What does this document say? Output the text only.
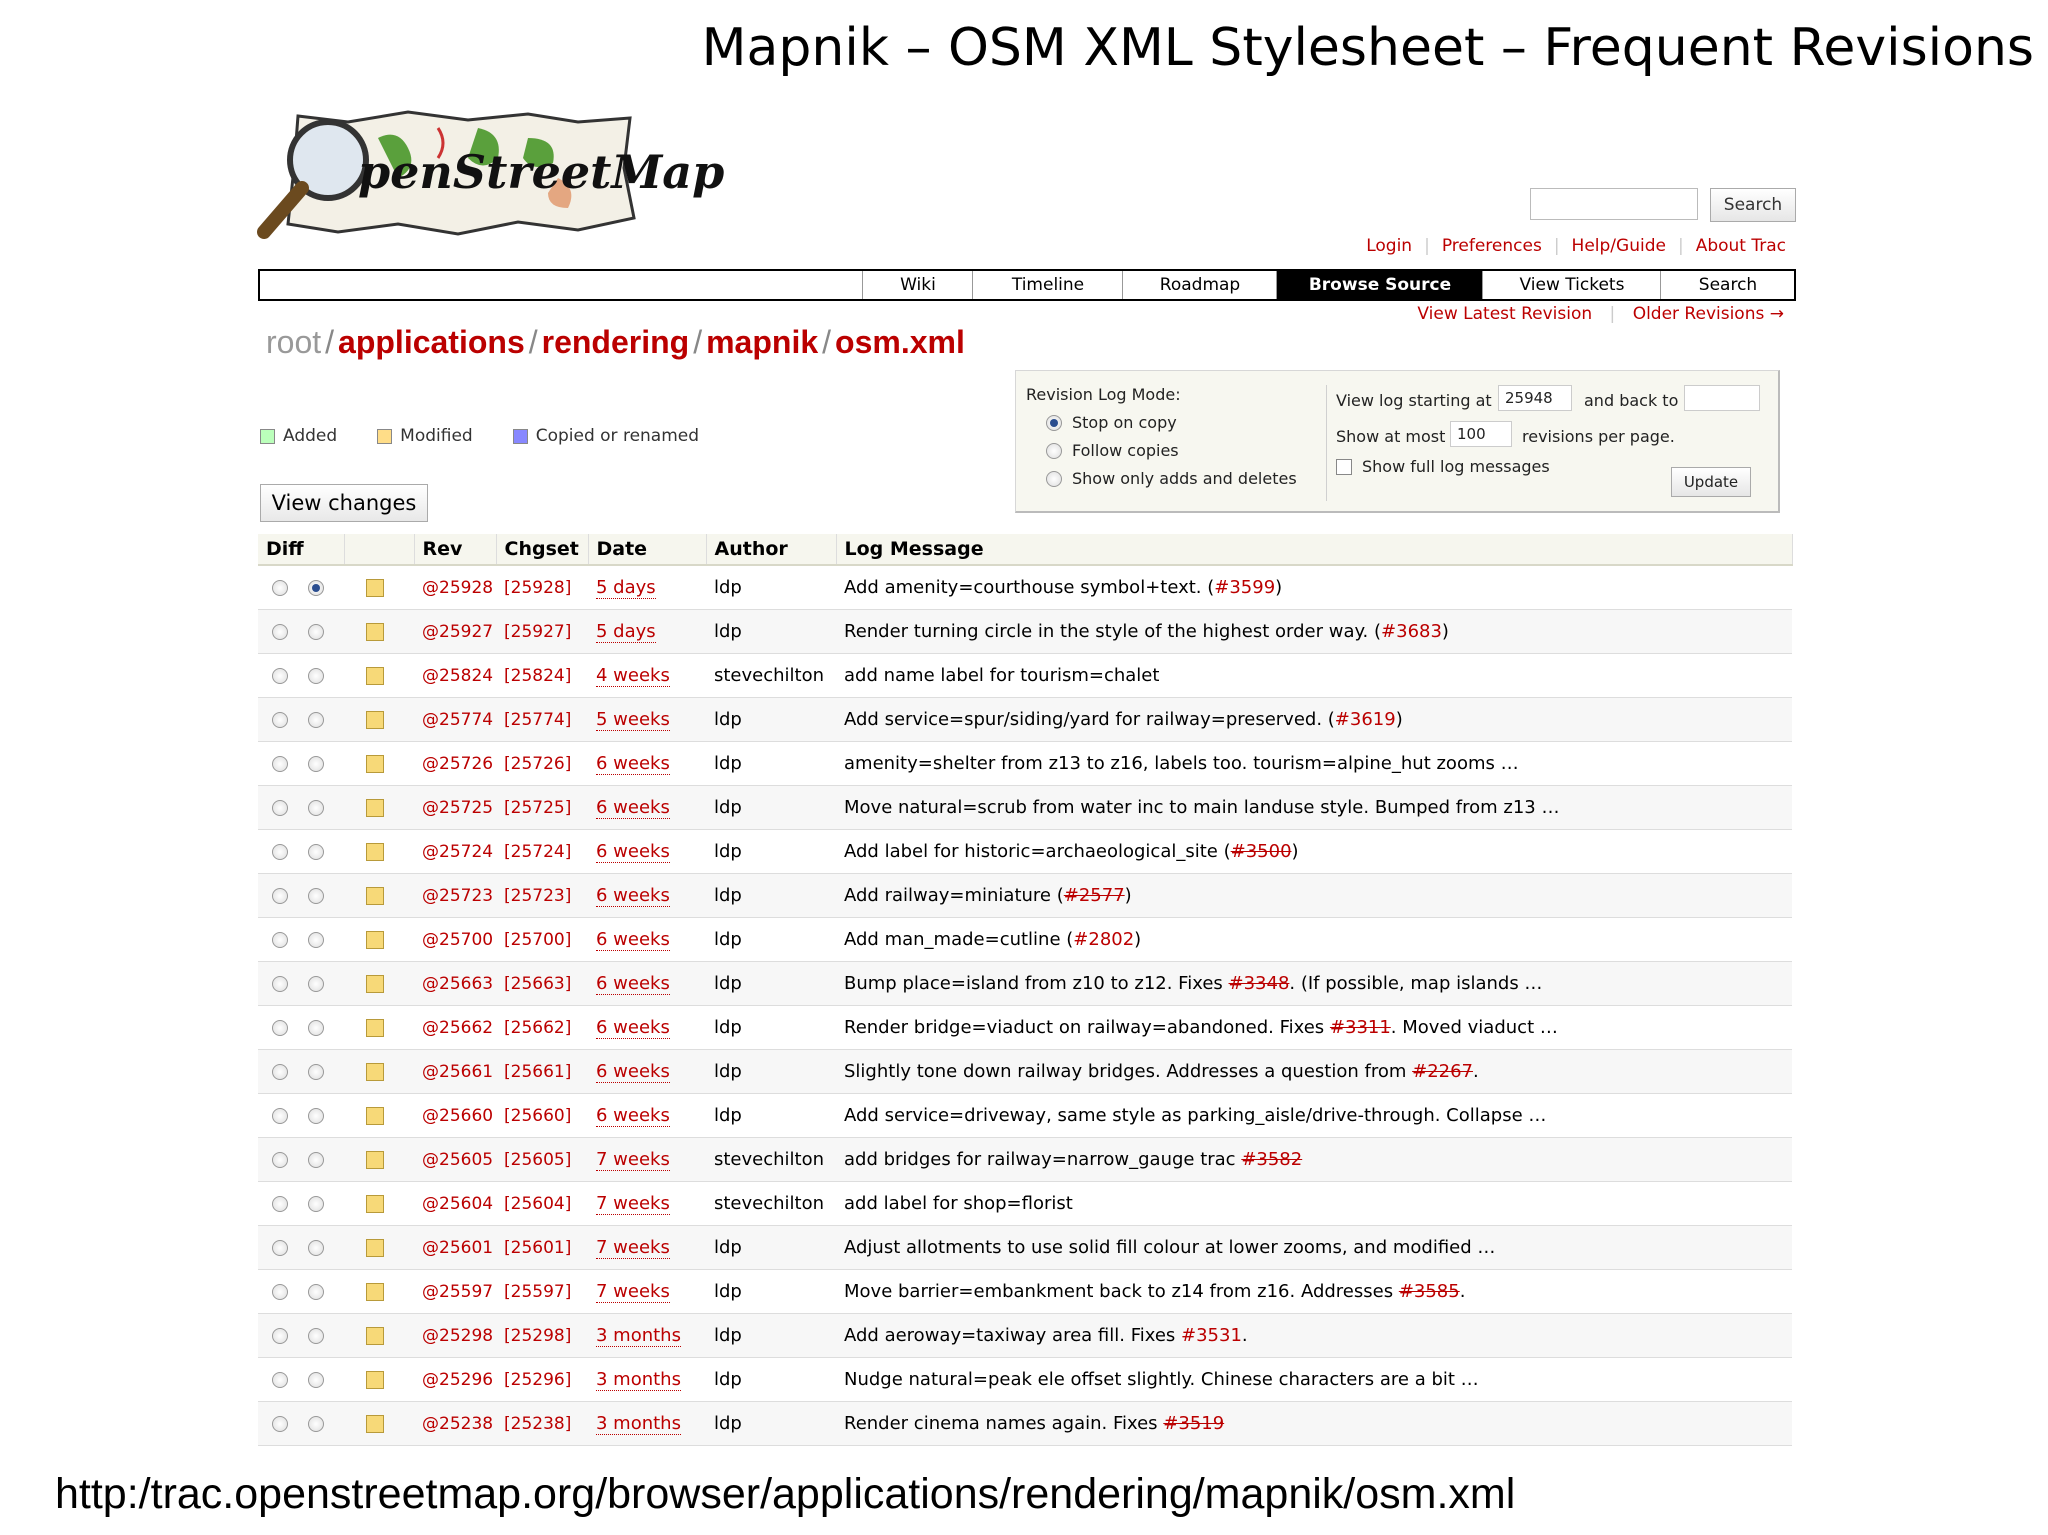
Mapnik – OSM XML Stylesheet – Frequent Revisions
penStreetMap
Search
Login | Preferences | Help/Guide | About Trac
Wiki	Timeline	Roadmap	Browse Source	View Tickets	Search
View Latest Revision | Older Revisions →
root / applications / rendering / mapnik / osm.xml
Added	Modified	Copied or renamed
View changes
Revision Log Mode:
Stop on copy
Follow copies
Show only adds and deletes
View log starting at 25948	and back to
Show at most 100	revisions per page.
Show full log messages
Update
Diff		Rev	Chgset	Date	Author	Log Message
		@25928	[25928]	5 days	ldp	Add amenity=courthouse symbol+text. (#3599)
		@25927	[25927]	5 days	ldp	Render turning circle in the style of the highest order way. (#3683)
		@25824	[25824]	4 weeks	stevechilton	add name label for tourism=chalet
		@25774	[25774]	5 weeks	ldp	Add service=spur/siding/yard for railway=preserved. (#3619)
		@25726	[25726]	6 weeks	ldp	amenity=shelter from z13 to z16, labels too. tourism=alpine_hut zooms …
		@25725	[25725]	6 weeks	ldp	Move natural=scrub from water inc to main landuse style. Bumped from z13 …
		@25724	[25724]	6 weeks	ldp	Add label for historic=archaeological_site (#3500)
		@25723	[25723]	6 weeks	ldp	Add railway=miniature (#2577)
		@25700	[25700]	6 weeks	ldp	Add man_made=cutline (#2802)
		@25663	[25663]	6 weeks	ldp	Bump place=island from z10 to z12. Fixes #3348. (If possible, map islands …
		@25662	[25662]	6 weeks	ldp	Render bridge=viaduct on railway=abandoned. Fixes #3311. Moved viaduct …
		@25661	[25661]	6 weeks	ldp	Slightly tone down railway bridges. Addresses a question from #2267.
		@25660	[25660]	6 weeks	ldp	Add service=driveway, same style as parking_aisle/drive-through. Collapse …
		@25605	[25605]	7 weeks	stevechilton	add bridges for railway=narrow_gauge trac #3582
		@25604	[25604]	7 weeks	stevechilton	add label for shop=florist
		@25601	[25601]	7 weeks	ldp	Adjust allotments to use solid fill colour at lower zooms, and modified …
		@25597	[25597]	7 weeks	ldp	Move barrier=embankment back to z14 from z16. Addresses #3585.
		@25298	[25298]	3 months	ldp	Add aeroway=taxiway area fill. Fixes #3531.
		@25296	[25296]	3 months	ldp	Nudge natural=peak ele offset slightly. Chinese characters are a bit …
		@25238	[25238]	3 months	ldp	Render cinema names again. Fixes #3519
http:/trac.openstreetmap.org/browser/applications/rendering/mapnik/osm.xml
